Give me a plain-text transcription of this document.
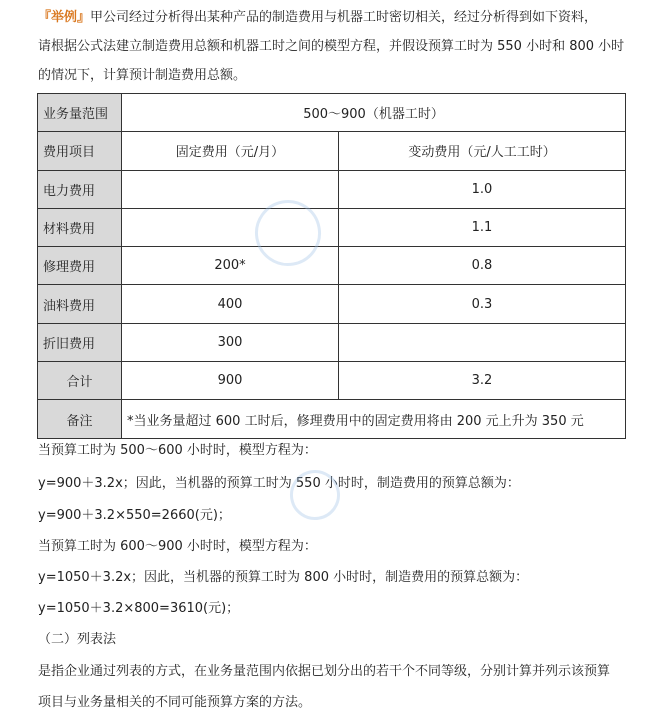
『举例』甲公司经过分析得出某种产品的制造费用与机器工时密切相关，经过分析得到如下资料，

请根据公式法建立制造费用总额和机器工时之间的模型方程，并假设预算工时为 550 小时和 800 小时

的情况下，计算预计制造费用总额。

业务量范围	500～900（机器工时）	
费用项目	固定费用（元/月）	变动费用（元/人工工时）
电力费用		1.0
材料费用		1.1
修理费用	200*	0.8
油料费用	400	0.3
折旧费用	300	
合计	900	3.2
备注	*当业务量超过 600 工时后，修理费用中的固定费用将由 200 元上升为 350 元	

当预算工时为 500～600 小时时，模型方程为：

y=900＋3.2x；因此，当机器的预算工时为 550 小时时，制造费用的预算总额为：

y=900＋3.2×550=2660(元)；

当预算工时为 600～900 小时时，模型方程为：

y=1050＋3.2x；因此，当机器的预算工时为 800 小时时，制造费用的预算总额为：

y=1050＋3.2×800=3610(元)；

（二）列表法

是指企业通过列表的方式，在业务量范围内依据已划分出的若干个不同等级，分别计算并列示该预算

项目与业务量相关的不同可能预算方案的方法。
